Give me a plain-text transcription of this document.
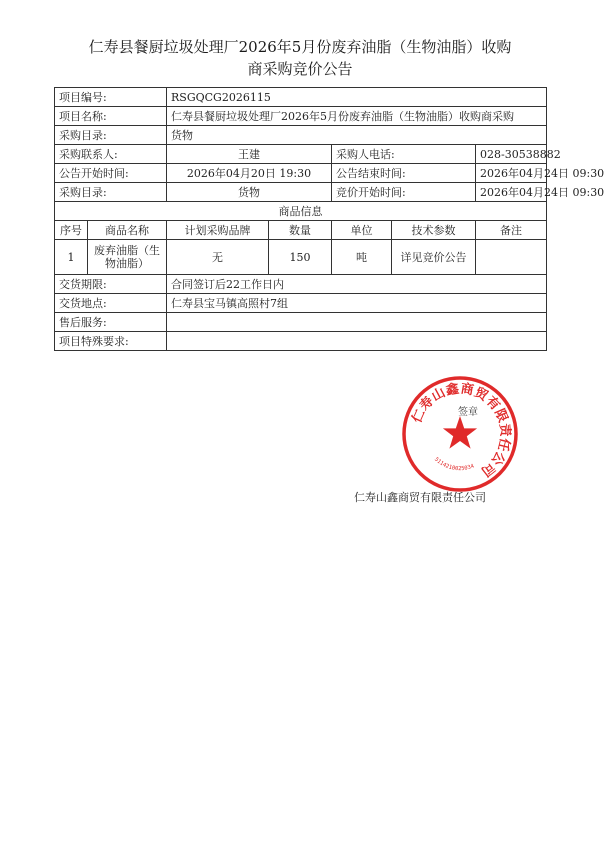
仁寿县餐厨垃圾处理厂2026年5月份废弃油脂（生物油脂）收购
商采购竞价公告
项目编号:		RSGQCG2026115				
项目名称:		仁寿县餐厨垃圾处理厂2026年5月份废弃油脂（生物油脂）收购商采购				
采购目录:		货物				
采购联系人:		王建		采购人电话:		028-30538882
公告开始时间:		2026年04月20日 19:30		公告结束时间:		2026年04月24日 09:30
采购目录:		货物		竞价开始时间:		2026年04月24日 09:30
商品信息						
序号	商品名称	计划采购品牌	数量	单位	技术参数	备注
1	废弃油脂（生物油脂）	无	150	吨	详见竞价公告	
交货期限:		合同签订后22工作日内				
交货地点:		仁寿县宝马镇高照村7组				
售后服务:						
项目特殊要求:						
仁寿山鑫商贸有限责任公司
5114210025034
签章
仁寿山鑫商贸有限责任公司
